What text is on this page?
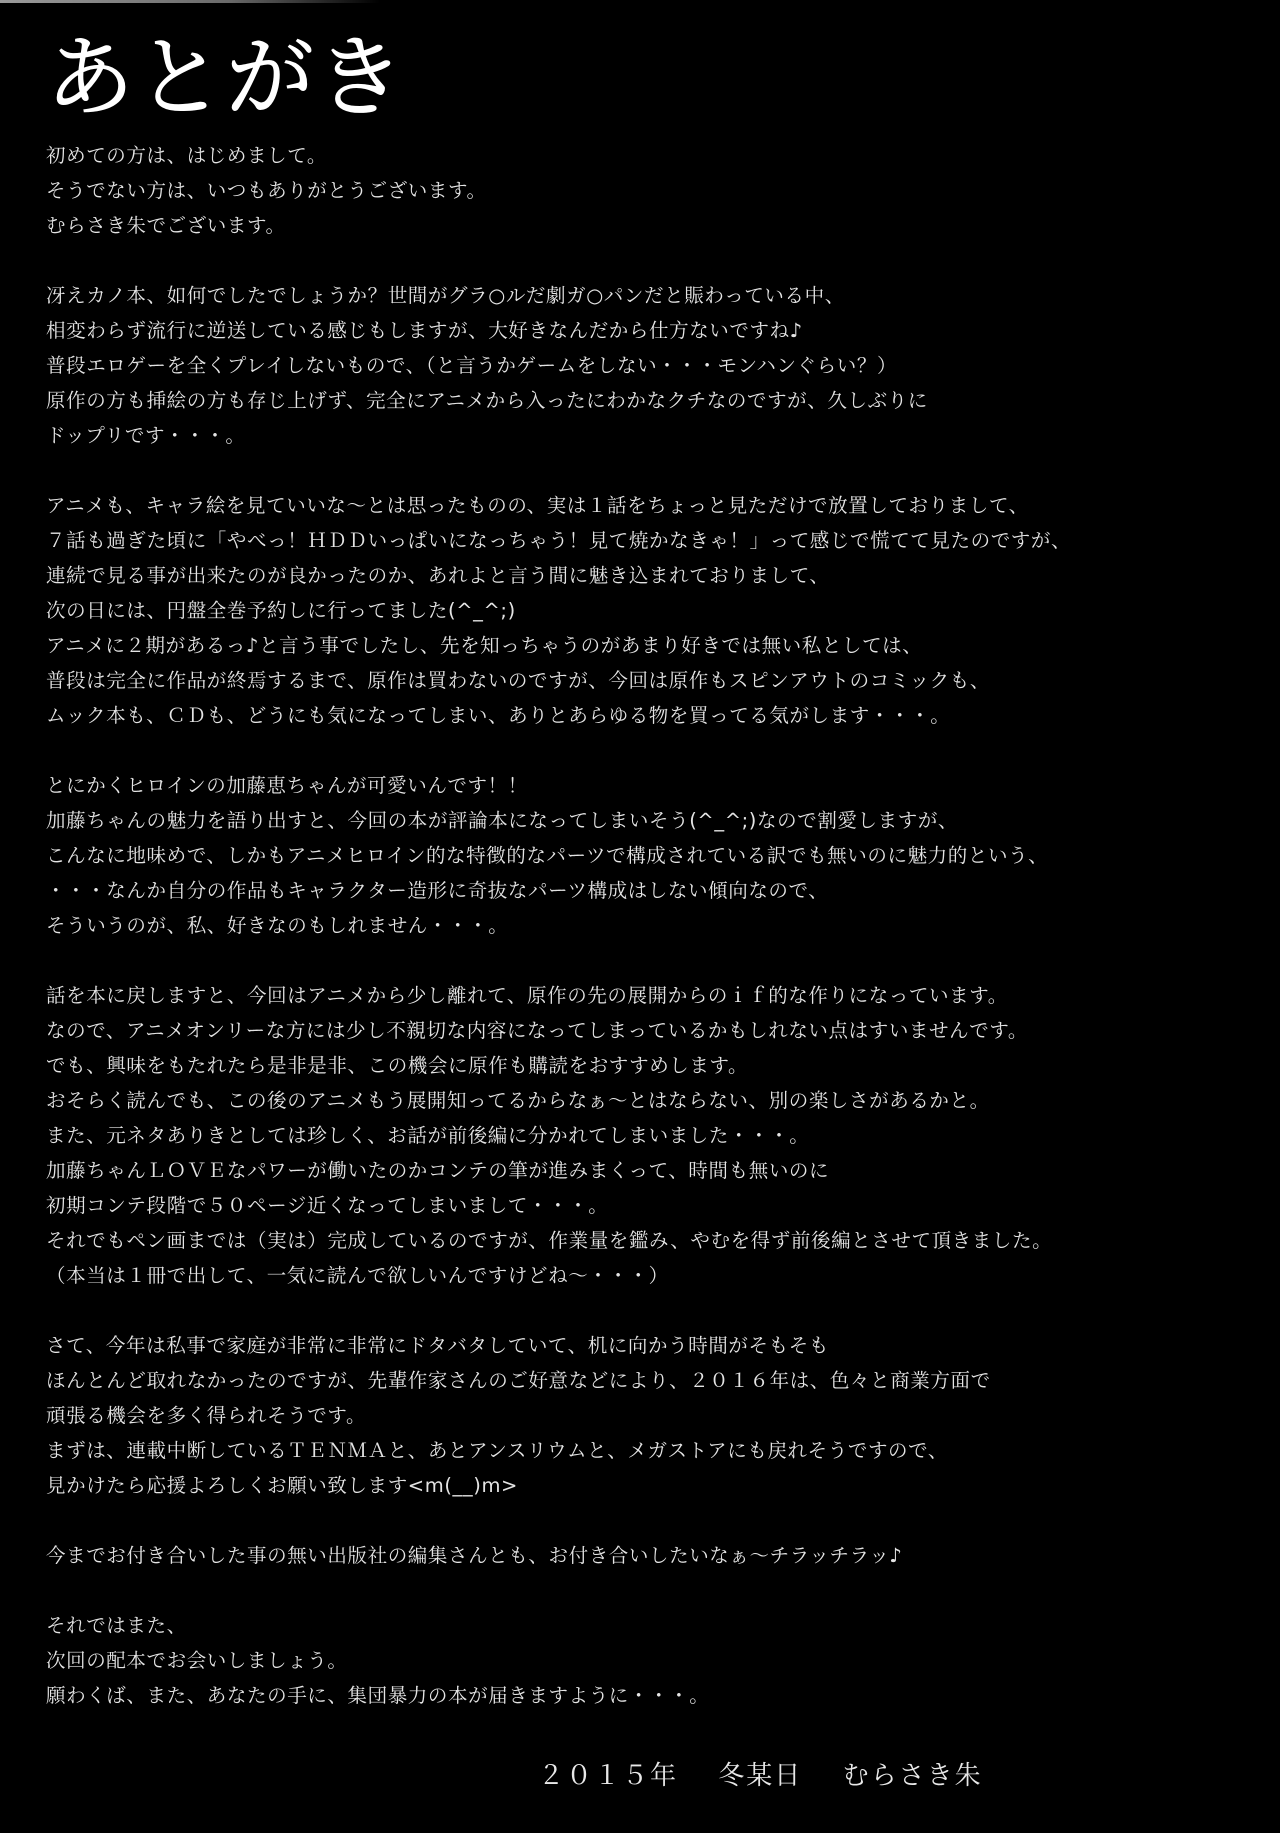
あとがき
初めての方は、はじめまして。
そうでない方は、いつもありがとうございます。
むらさき朱でございます。
冴えカノ本、如何でしたでしょうか？世間がグラ○ルだ劇ガ○パンだと賑わっている中、
相変わらず流行に逆送している感じもしますが、大好きなんだから仕方ないですね♪
普段エロゲーを全くプレイしないもので、（と言うかゲームをしない・・・モンハンぐらい？）
原作の方も挿絵の方も存じ上げず、完全にアニメから入ったにわかなクチなのですが、久しぶりに
ドップリです・・・。
アニメも、キャラ絵を見ていいな～とは思ったものの、実は１話をちょっと見ただけで放置しておりまして、
７話も過ぎた頃に「やべっ！ＨＤＤいっぱいになっちゃう！見て焼かなきゃ！」って感じで慌てて見たのですが、
連続で見る事が出来たのが良かったのか、あれよと言う間に魅き込まれておりまして、
次の日には、円盤全巻予約しに行ってました(^_^;)
アニメに２期があるっ♪と言う事でしたし、先を知っちゃうのがあまり好きでは無い私としては、
普段は完全に作品が終焉するまで、原作は買わないのですが、今回は原作もスピンアウトのコミックも、
ムック本も、ＣＤも、どうにも気になってしまい、ありとあらゆる物を買ってる気がします・・・。
とにかくヒロインの加藤恵ちゃんが可愛いんです！！
加藤ちゃんの魅力を語り出すと、今回の本が評論本になってしまいそう(^_^;)なので割愛しますが、
こんなに地味めで、しかもアニメヒロイン的な特徴的なパーツで構成されている訳でも無いのに魅力的という、
・・・なんか自分の作品もキャラクター造形に奇抜なパーツ構成はしない傾向なので、
そういうのが、私、好きなのもしれません・・・。
話を本に戻しますと、今回はアニメから少し離れて、原作の先の展開からのｉｆ的な作りになっています。
なので、アニメオンリーな方には少し不親切な内容になってしまっているかもしれない点はすいませんです。
でも、興味をもたれたら是非是非、この機会に原作も購読をおすすめします。
おそらく読んでも、この後のアニメもう展開知ってるからなぁ～とはならない、別の楽しさがあるかと。
また、元ネタありきとしては珍しく、お話が前後編に分かれてしまいました・・・。
加藤ちゃんＬＯＶＥなパワーが働いたのかコンテの筆が進みまくって、時間も無いのに
初期コンテ段階で５０ページ近くなってしまいまして・・・。
それでもペン画までは（実は）完成しているのですが、作業量を鑑み、やむを得ず前後編とさせて頂きました。
（本当は１冊で出して、一気に読んで欲しいんですけどね～・・・）
さて、今年は私事で家庭が非常に非常にドタバタしていて、机に向かう時間がそもそも
ほんとんど取れなかったのですが、先輩作家さんのご好意などにより、２０１６年は、色々と商業方面で
頑張る機会を多く得られそうです。
まずは、連載中断しているＴＥＮＭＡと、あとアンスリウムと、メガストアにも戻れそうですので、
見かけたら応援よろしくお願い致します<m(__)m>
今までお付き合いした事の無い出版社の編集さんとも、お付き合いしたいなぁ～チラッチラッ♪
それではまた、
次回の配本でお会いしましょう。
願わくば、また、あなたの手に、集団暴力の本が届きますように・・・。
２０１５年 冬某日 むらさき朱
